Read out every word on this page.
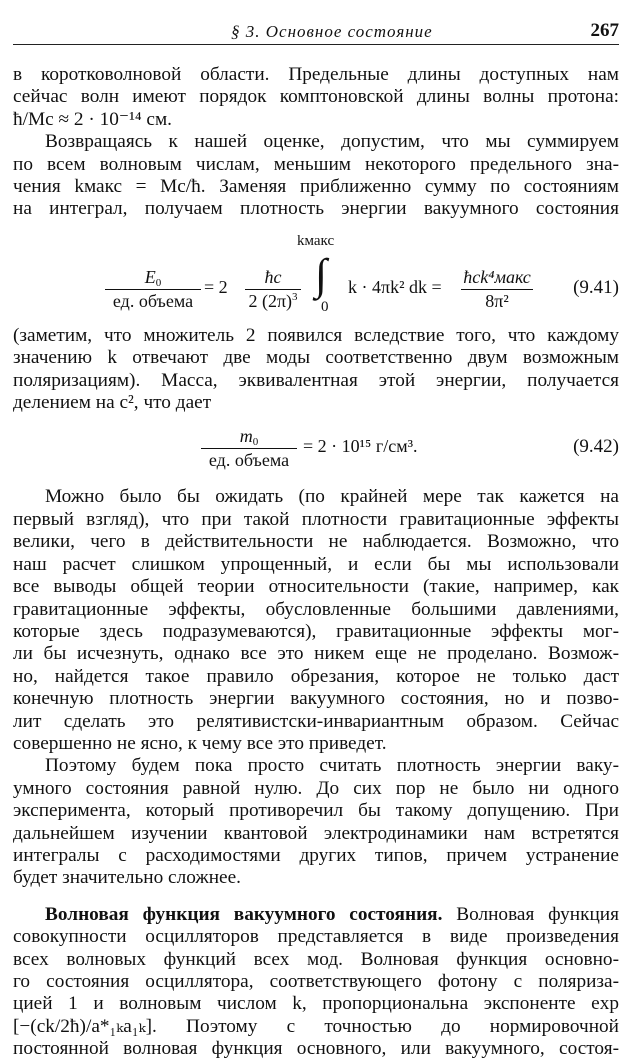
§ 3. Основное состояние	267

в коротковолновой области. Предельные длины доступных нам

сейчас волн имеют порядок комптоновской длины волны протона:

ħ/Mc ≈ 2 · 10⁻¹⁴ см.

Возвращаясь к нашей оценке, допустим, что мы суммируем

по всем волновым числам, меньшим некоторого предельного зна-

чения kмакс = Mc/ħ. Заменяя приближенно сумму по состояниям

на интеграл, получаем плотность энергии вакуумного состояния

$E_0$
ед. объема
= $2 \frac{ħc}{2 (2\pi)^3}$
kмакс
∫
0
k · 4πk² dk = ħck⁴макс
8π²
(9.41)

(заметим, что множитель 2 появился вследствие того, что каждому

значению k отвечают две моды соответственно двум возможным

поляризациям). Масса, эквивалентная этой энергии, получается

делением на c², что дает

$m_0$
ед. объема
= 2 · 10¹⁵ г/см³.	(9.42)

Можно было бы ожидать (по крайней мере так кажется на

первый взгляд), что при такой плотности гравитационные эффекты

велики, чего в действительности не наблюдается. Возможно, что

наш расчет слишком упрощенный, и если бы мы использовали

все выводы общей теории относительности (такие, например, как

гравитационные эффекты, обусловленные большими давлениями,

которые здесь подразумеваются), гравитационные эффекты мог-

ли бы исчезнуть, однако все это никем еще не проделано. Возмож-

но, найдется такое правило обрезания, которое не только даст

конечную плотность энергии вакуумного состояния, но и позво-

лит сделать это релятивистски-инвариантным образом. Сейчас

совершенно не ясно, к чему все это приведет.

Поэтому будем пока просто считать плотность энергии ваку-

умного состояния равной нулю. До сих пор не было ни одного

эксперимента, который противоречил бы такому допущению. При

дальнейшем изучении квантовой электродинамики нам встретятся

интегралы с расходимостями других типов, причем устранение

будет значительно сложнее.

Волновая функция вакуумного состояния. Волновая функция

совокупности осцилляторов представляется в виде произведения

всех волновых функций всех мод. Волновая функция основно-

го состояния осциллятора, соответствующего фотону с поляриза-

цией 1 и волновым числом k, пропорциональна экспоненте exp

[−(ck/2ħ)/a*₁ₖa₁ₖ]. Поэтому с точностью до нормировочной

постоянной волновая функция основного, или вакуумного, состоя-
